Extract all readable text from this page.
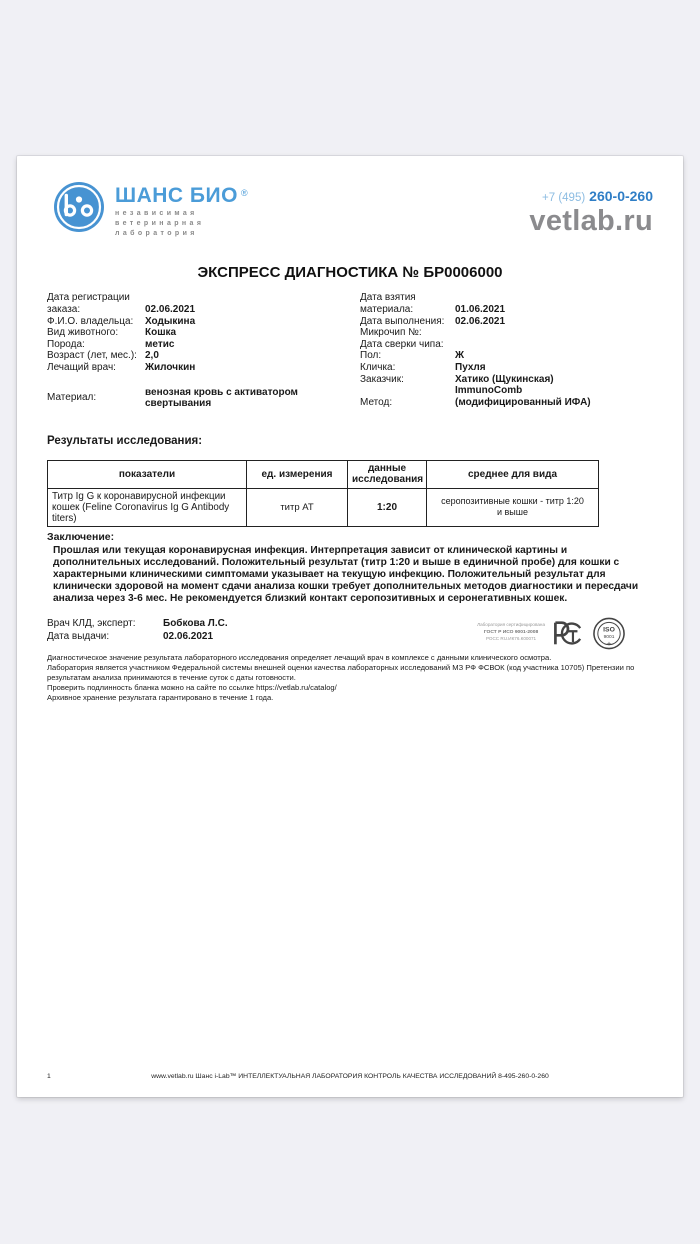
ШАНС БИО ®
независимая
ветеринарная
лаборатория
+7 (495) 260-0-260
vetlab.ru
ЭКСПРЕСС ДИАГНОСТИКА № БР0006000
Дата регистрации заказа:	02.06.2021
Ф.И.О. владельца:	Ходыкина
Вид животного:	Кошка
Порода:	метис
Возраст (лет, мес.): 2,0
Лечащий врач:	Жилочкин
Материал:
венозная кровь с активатором свертывания
Дата взятия материала:	01.06.2021
Дата выполнения:	02.06.2021
Микрочип №:
Дата сверки чипа:
Пол:	Ж
Кличка:	Пухля
Заказчик:	Хатико (Щукинская)
Метод:
ImmunoComb (модифицированный ИФА)
Результаты исследования:
показатели	ед. измерения	данные исследования	среднее для вида
Титр Ig G к коронавирусной инфекции кошек (Feline Coronavirus Ig G Antibody titers)	титр АТ	1:20	серопозитивные кошки - титр 1:20 и выше
Заключение:
Прошлая или текущая коронавирусная инфекция. Интерпретация зависит от клинической картины и дополнительных исследований. Положительный результат (титр 1:20 и выше в единичной пробе) для кошки с характерными клиническими симптомами указывает на текущую инфекцию. Положительный результат для клинически здоровой на момент сдачи анализа кошки требует дополнительных методов диагностики и пересдачи анализа через 3-6 мес. Не рекомендуется близкий контакт серопозитивных и серонегативных кошек.
Врач КЛД, эксперт:	Бобкова Л.С.
Дата выдачи:	02.06.2021
Лаборатория сертифицирована
ГОСТ Р ИСО 9001-2008
РОСС RU.ИК76.К00071
ISO
9001
+
Диагностическое значение результата лабораторного исследования определяет лечащий врач в комплексе с данными клинического осмотра.
Лаборатория является участником Федеральной системы внешней оценки качества лабораторных исследований МЗ РФ ФСВОК (код участника 10705) Претензии по результатам анализа принимаются в течение суток с даты готовности.
Проверить подлинность бланка можно на сайте по ссылке https://vetlab.ru/catalog/
Архивное хранение результата гарантировано в течение 1 года.
1	www.vetlab.ru Шанс i-Lab™ ИНТЕЛЛЕКТУАЛЬНАЯ ЛАБОРАТОРИЯ КОНТРОЛЬ КАЧЕСТВА ИССЛЕДОВАНИЙ 8-495-260-0-260
